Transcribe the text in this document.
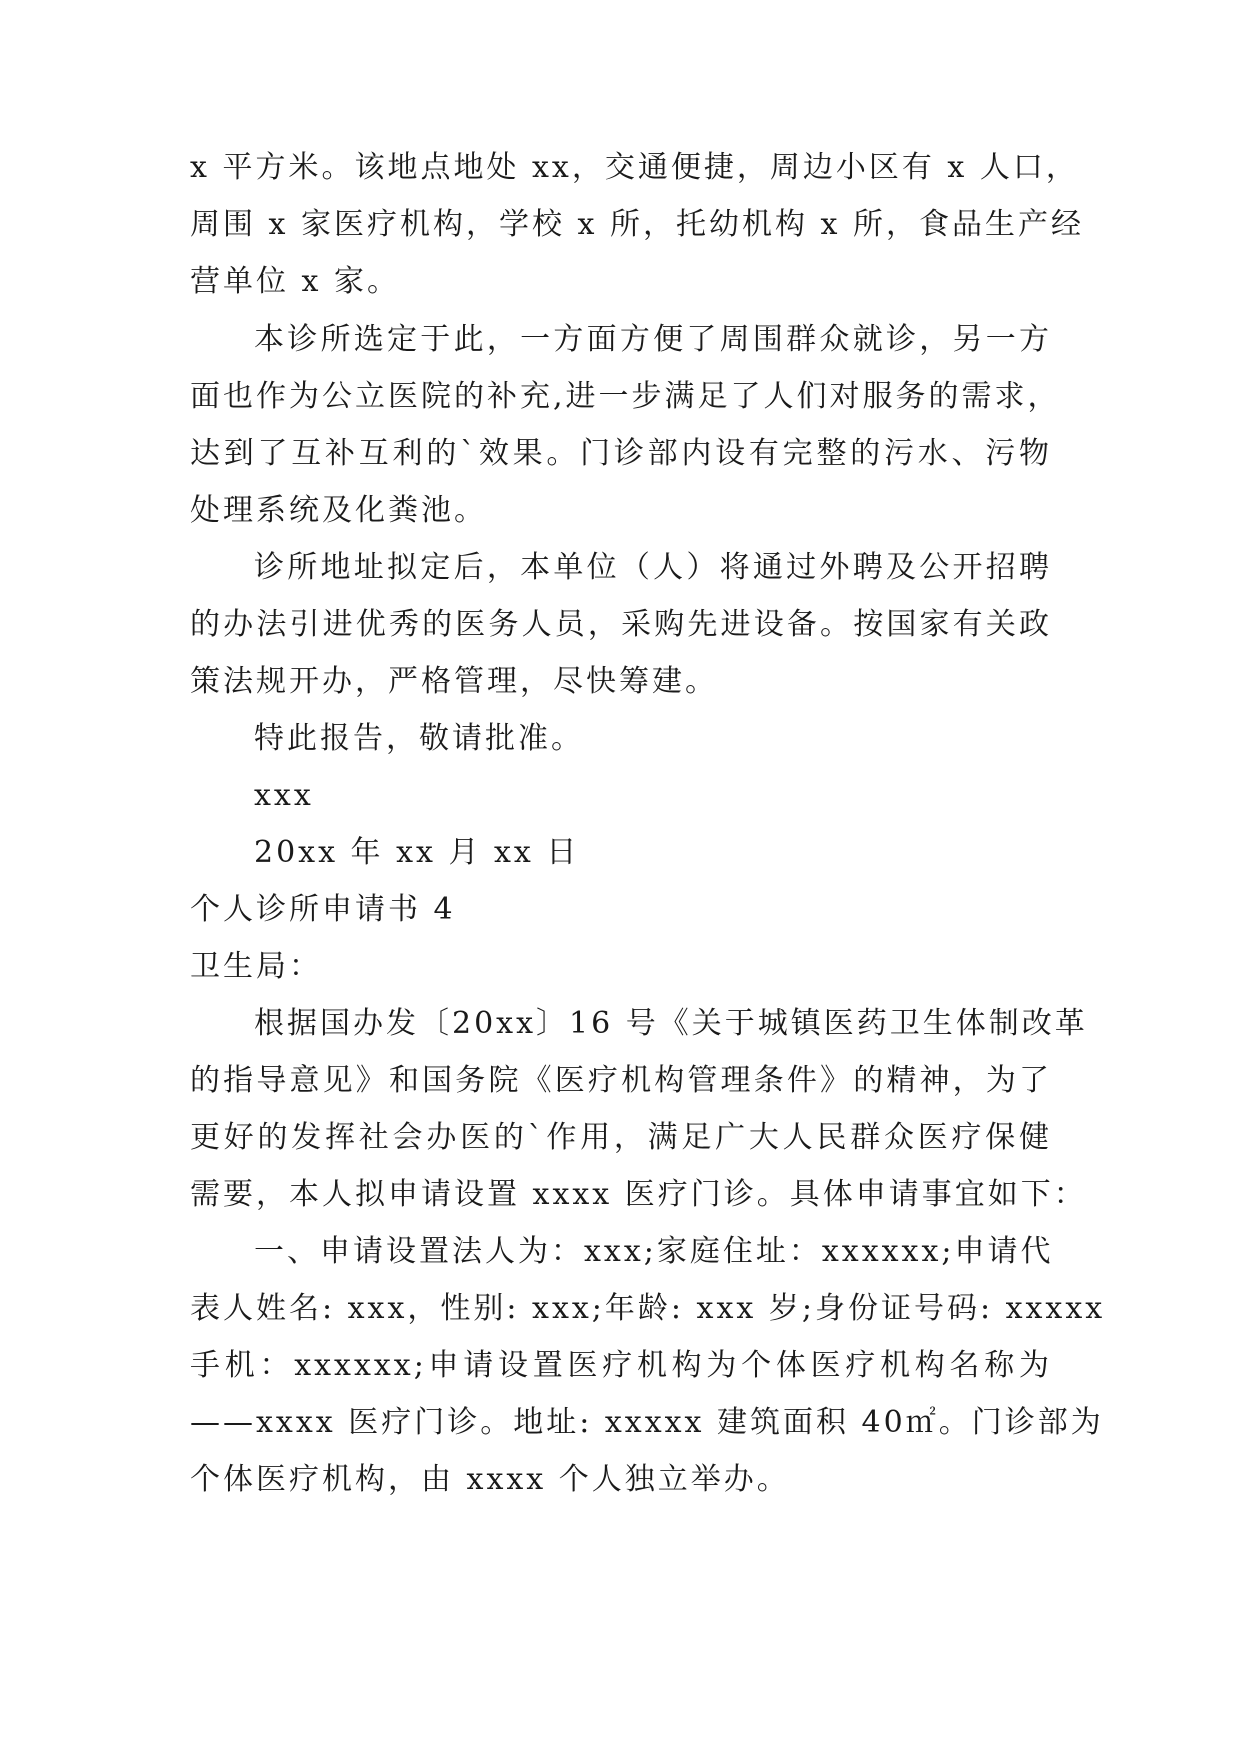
x 平方米。该地点地处 xx，交通便捷，周边小区有 x 人口，
周围 x 家医疗机构，学校 x 所，托幼机构 x 所，食品生产经
营单位 x 家。
本诊所选定于此，一方面方便了周围群众就诊，另一方
面也作为公立医院的补充,进一步满足了人们对服务的需求，
达到了互补互利的`效果。门诊部内设有完整的污水、污物
处理系统及化粪池。
诊所地址拟定后，本单位（人）将通过外聘及公开招聘
的办法引进优秀的医务人员，采购先进设备。按国家有关政
策法规开办，严格管理，尽快筹建。
特此报告，敬请批准。
xxx
20xx 年 xx 月 xx 日
个人诊所申请书 4
卫生局：
根据国办发〔20xx〕16 号《关于城镇医药卫生体制改革
的指导意见》和国务院《医疗机构管理条件》的精神，为了
更好的发挥社会办医的`作用，满足广大人民群众医疗保健
需要，本人拟申请设置 xxxx 医疗门诊。具体申请事宜如下：
一、申请设置法人为：xxx;家庭住址：xxxxxx;申请代
表人姓名: xxx，性别: xxx;年龄: xxx 岁;身份证号码: xxxxx
手机：xxxxxx;申请设置医疗机构为个体医疗机构名称为
——xxxx 医疗门诊。地址: xxxxx 建筑面积 40㎡。门诊部为
个体医疗机构，由 xxxx 个人独立举办。
